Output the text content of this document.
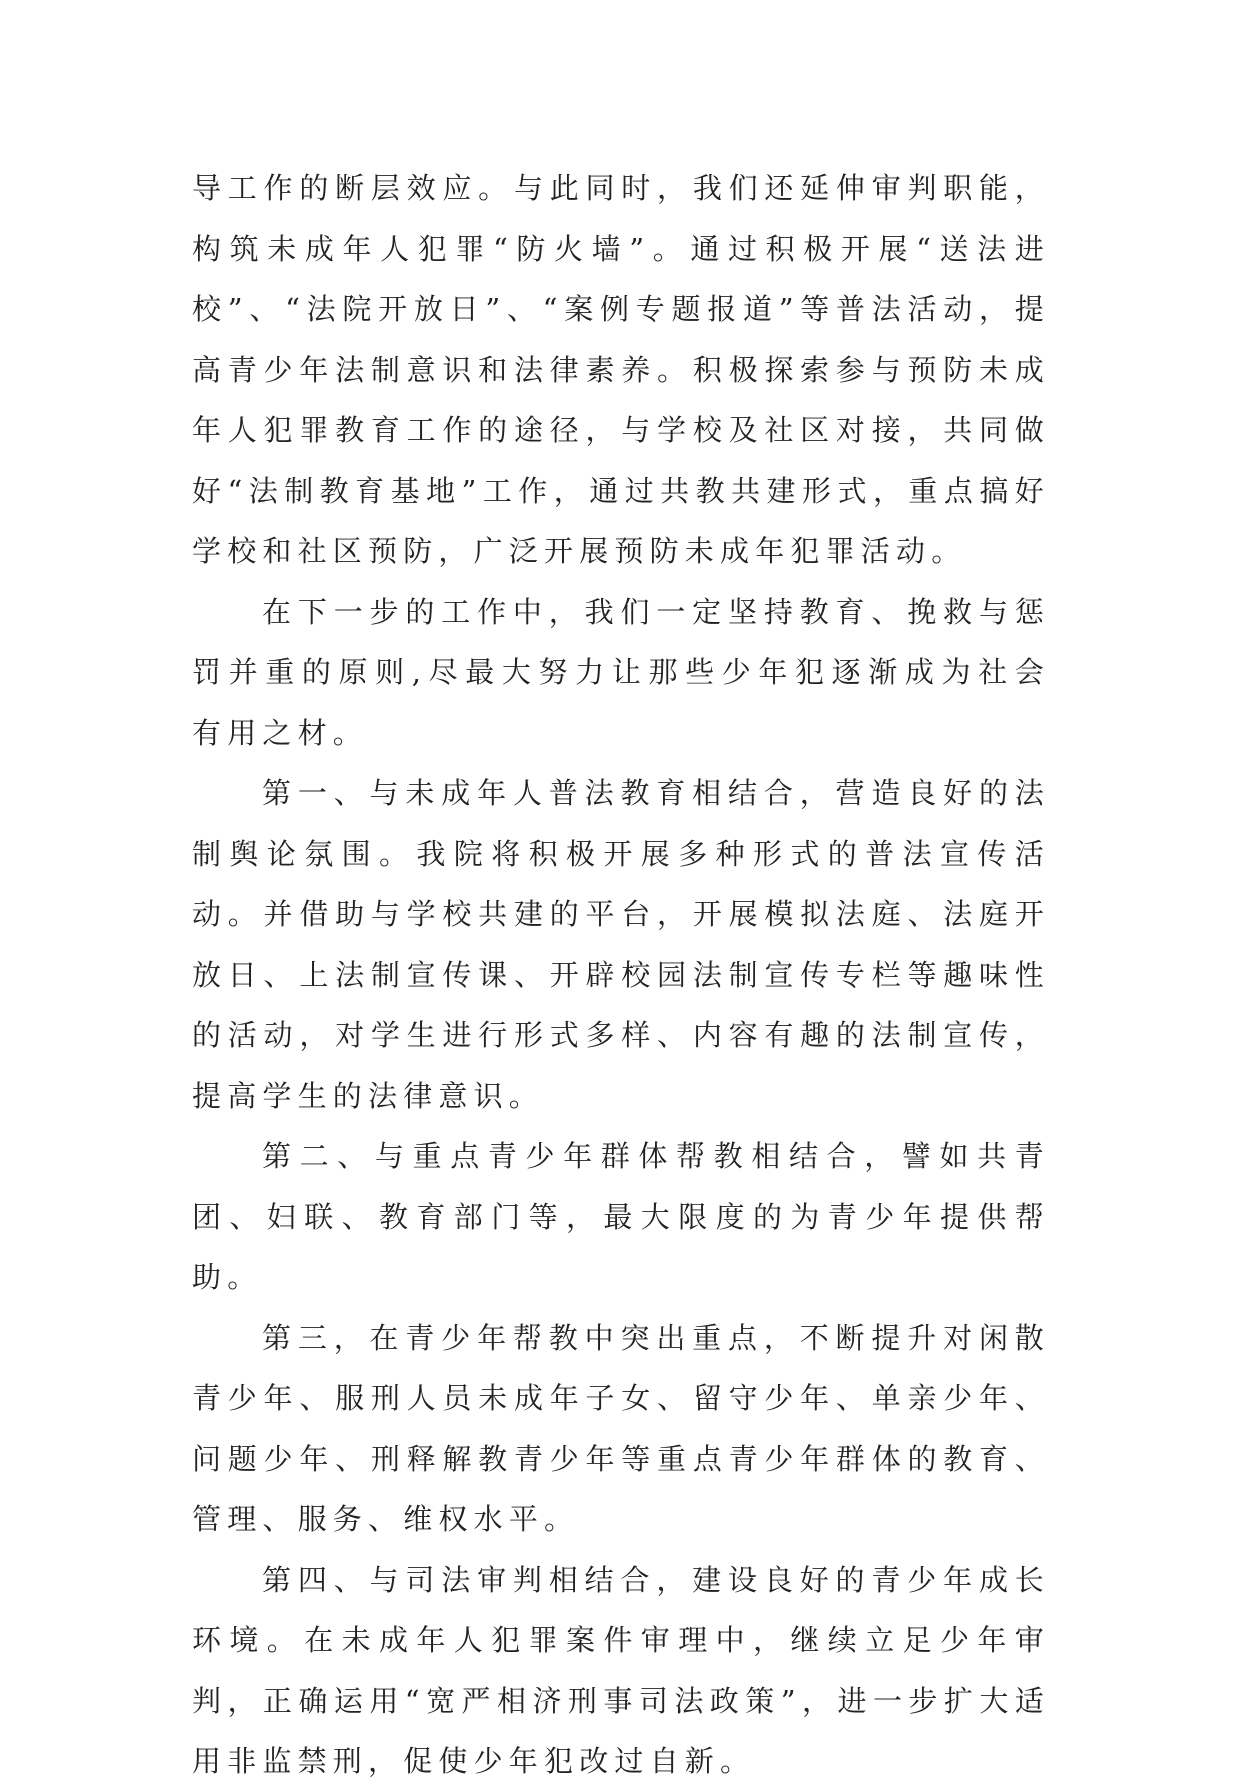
导工作的断层效应。与此同时，我们还延伸审判职能，构筑未成年人犯罪“防火墙”。通过积极开展“送法进校”、“法院开放日”、“案例专题报道”等普法活动，提高青少年法制意识和法律素养。积极探索参与预防未成年人犯罪教育工作的途径，与学校及社区对接，共同做好“法制教育基地”工作，通过共教共建形式，重点搞好学校和社区预防，广泛开展预防未成年犯罪活动。

在下一步的工作中，我们一定坚持教育、挽救与惩罚并重的原则,尽最大努力让那些少年犯逐渐成为社会有用之材。

第一、与未成年人普法教育相结合，营造良好的法制舆论氛围。我院将积极开展多种形式的普法宣传活动。并借助与学校共建的平台，开展模拟法庭、法庭开放日、上法制宣传课、开辟校园法制宣传专栏等趣味性的活动，对学生进行形式多样、内容有趣的法制宣传，提高学生的法律意识。

第二、与重点青少年群体帮教相结合，譬如共青团、妇联、教育部门等，最大限度的为青少年提供帮助。

第三，在青少年帮教中突出重点，不断提升对闲散青少年、服刑人员未成年子女、留守少年、单亲少年、问题少年、刑释解教青少年等重点青少年群体的教育、管理、服务、维权水平。

第四、与司法审判相结合，建设良好的青少年成长环境。在未成年人犯罪案件审理中，继续立足少年审判，正确运用“宽严相济刑事司法政策”，进一步扩大适用非监禁刑，促使少年犯改过自新。
